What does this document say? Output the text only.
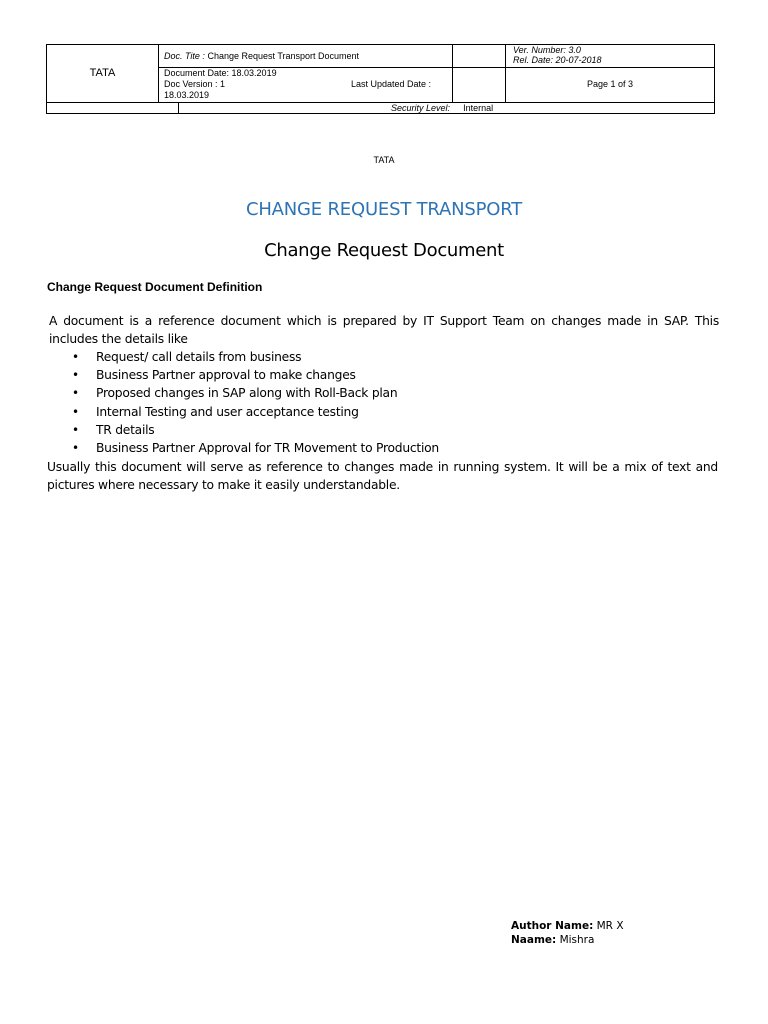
TATA
Doc. Tite : Change Request Transport Document
Ver. Number: 3.0
Rel. Date: 20-07-2018
Document Date: 18.03.2019
Doc Version : 1
18.03.2019
Last Updated Date :	Page 1 of 3
Security Level: Internal
TATA
CHANGE REQUEST TRANSPORT
Change Request Document
Change Request Document Definition
A document is a reference document which is prepared by IT Support Team on changes made in SAP. This includes the details like
• Request/ call details from business
• Business Partner approval to make changes
• Proposed changes in SAP along with Roll-Back plan
• Internal Testing and user acceptance testing
• TR details
• Business Partner Approval for TR Movement to Production
Usually this document will serve as reference to changes made in running system. It will be a mix of text and pictures where necessary to make it easily understandable.
Author Name: MR X
Naame: Mishra
